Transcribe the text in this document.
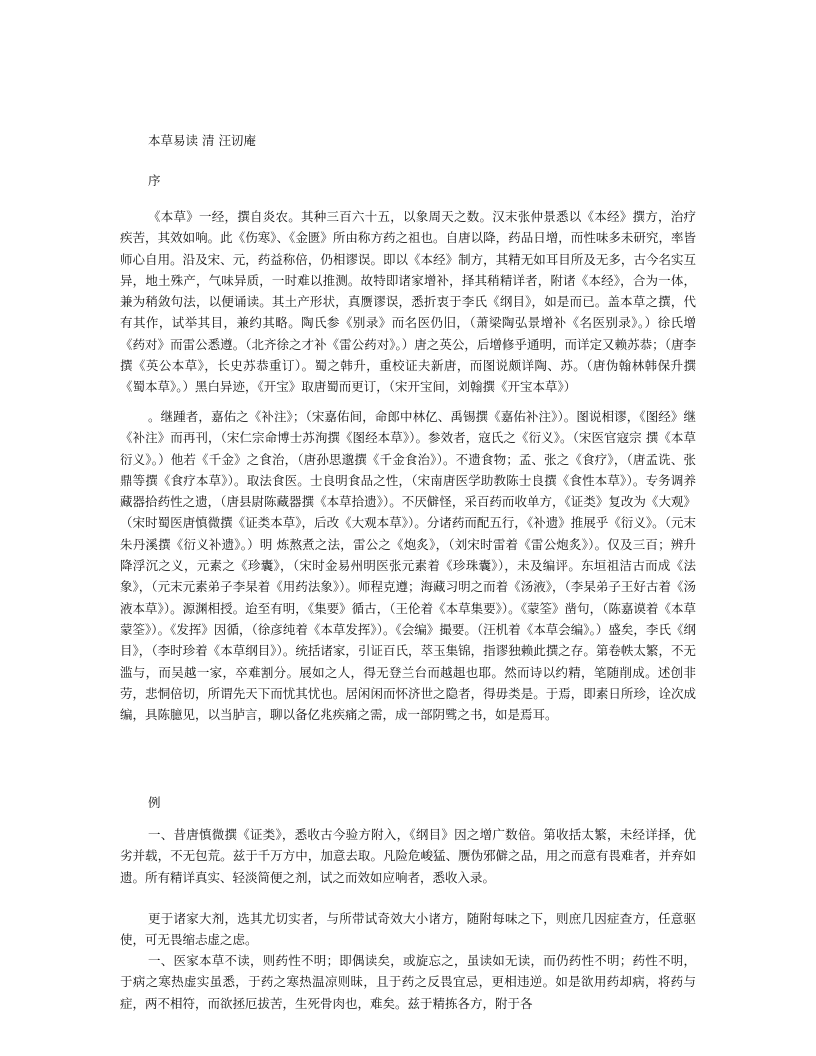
本草易读 清 汪讱庵
序

《本草》一经，撰自炎农。其种三百六十五，以象周天之数。汉末张仲景悉以《本经》撰方，治疗疾苦，其效如响。此《伤寒》、《金匮》所由称方药之祖也。自唐以降，药品日增，而性味多未研究，率皆师心自用。沿及宋、元，药益称倍，仍相谬误。即以《本经》制方，其精无如耳目所及无多，古今名实互异，地土殊产，气味异质，一时难以推测。故特即诸家增补，择其稍精详者，附诸《本经》，合为一体，兼为稍敛句法，以便诵读。其土产形状，真赝谬误，悉折衷于李氏《纲目》，如是而已。盖本草之撰，代有其作，试举其目，兼约其略。陶氏参《别录》而名医仍旧，（萧梁陶弘景增补《名医别录》。）徐氏增《药对》而雷公悉遵。（北齐徐之才补《雷公药对》。）唐之英公，后增修乎通明，而详定又赖苏恭；（唐李 撰《英公本草》，长史苏恭重订）。蜀之韩升，重校证夫新唐，而图说颇详陶、苏。（唐伪翰林韩保升撰《蜀本草》。）黑白异迹，《开宝》取唐蜀而更订，（宋开宝间，刘翰撰《开宝本草》）

。继踵者，嘉佑之《补注》；（宋嘉佑间，命郎中林亿、禹锡撰《嘉佑补注》）。图说相谬，《图经》继《补注》而再刊，（宋仁宗命博士苏洵撰《图经本草》）。参效者，寇氏之《衍义》。（宋医官寇宗 撰《本草衍义》。）他若《千金》之食治，（唐孙思邈撰《千金食治》）。不遗食物；孟、张之《食疗》，（唐孟诜、张鼎等撰《食疗本草》）。取法食医。士良明食品之性，（宋南唐医学助教陈士良撰《食性本草》）。专务调养藏器拾药性之遗，（唐县尉陈藏器撰《本草拾遗》）。不厌僻怪，采百药而收单方，《证类》复改为《大观》（宋时蜀医唐慎微撰《证类本草》，后改《大观本草》）。分诸药而配五行，《补遗》推展乎《衍义》。（元末朱丹溪撰《衍义补遗》。）明 炼熬煮之法，雷公之《炮炙》，（刘宋时雷着《雷公炮炙》）。仅及三百；辨升降浮沉之义，元素之《珍囊》，（宋时金易州明医张元素着《珍珠囊》），未及编评。东垣祖洁古而成《法象》，（元末元素弟子李杲着《用药法象》）。师程克遵；海藏习明之而着《汤液》，（李杲弟子王好古着《汤液本草》）。源渊相授。迨至有明，《集要》循古，（王伦着《本草集要》）。《蒙筌》凿句，（陈嘉谟着《本草蒙筌》）。《发挥》因循，（徐彦纯着《本草发挥》）。《会编》撮要。（汪机着《本草会编》。）盛矣，李氏《纲目》，（李时珍着《本草纲目》）。统括诸家，引证百氏，萃玉集锦，指谬独赖此撰之存。第卷帙太繁，不无滥与，而吴越一家，卒难割分。展如之人，得无登兰台而越趄也耶。然而诗以约精，笔随削成。述创非劳，悲恫倍切，所谓先天下而忧其忧也。居闲闲而怀济世之隐者，得毋类是。于焉，即素日所珍，诠次成编，具陈臆见，以当胪言，聊以备亿兆疾痛之需，成一部阴骘之书，如是焉耳。

例

一、昔唐慎微撰《证类》，悉收古今验方附入，《纲目》因之增广数倍。第收括太繁，未经详择，优劣并载，不无包荒。兹于千万方中，加意去取。凡险危峻猛、赝伪邪僻之品，用之而意有畏难者，并弃如遗。所有精详真实、轻淡简便之剂，试之而效如应响者，悉收入录。

更于诸家大剂，选其尤切实者，与所带试奇效大小诸方，随附每味之下，则庶几因症查方，任意驱使，可无畏缩忐虚之虑。

一、医家本草不读，则药性不明；即偶读矣，或旋忘之，虽读如无读，而仍药性不明；药性不明，于病之寒热虚实虽悉，于药之寒热温凉则昧，且于药之反畏宜忌，更相违逆。如是欲用药却病，将药与症，两不相符，而欲拯厄拔苦，生死骨肉也，难矣。兹于精拣各方，附于各
